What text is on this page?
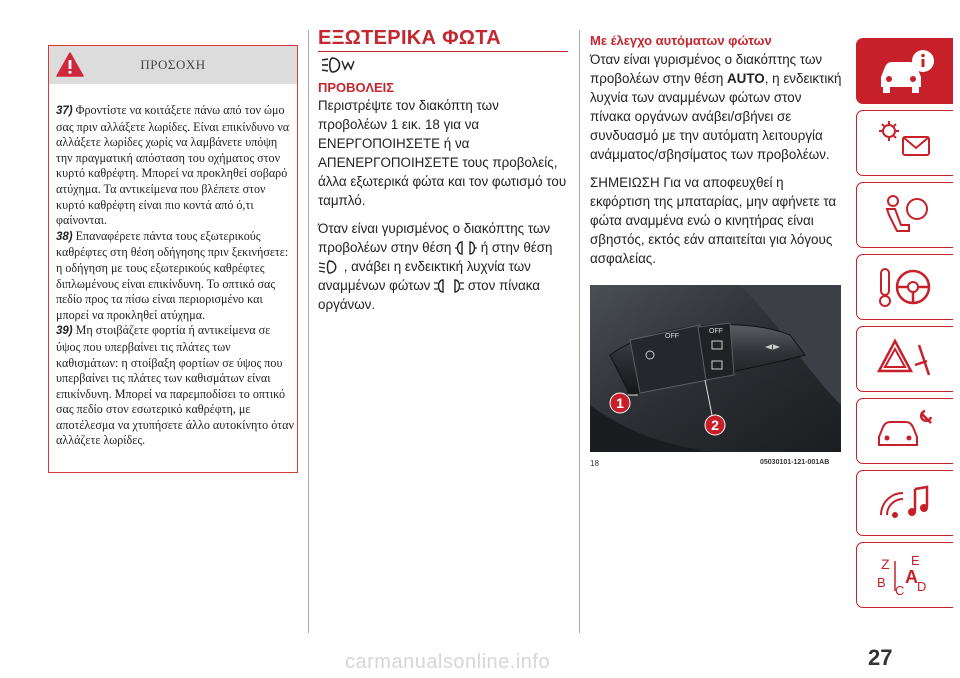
ΠΡΟΣΟΧΗ

37) Φροντίστε να κοιτάξετε πάνω από τον ώμο σας πριν αλλάξετε λωρίδες. Είναι επικίνδυνο να αλλάξετε λωρίδες χωρίς να λαμβάνετε υπόψη την πραγματική απόσταση του οχήματος στον κυρτό καθρέφτη. Μπορεί να προκληθεί σοβαρό ατύχημα. Τα αντικείμενα που βλέπετε στον κυρτό καθρέφτη είναι πιο κοντά από ό,τι φαίνονται.

38) Επαναφέρετε πάντα τους εξωτερικούς καθρέφτες στη θέση οδήγησης πριν ξεκινήσετε: η οδήγηση με τους εξωτερικούς καθρέφτες διπλωμένους είναι επικίνδυνη. Το οπτικό σας πεδίο προς τα πίσω είναι περιορισμένο και μπορεί να προκληθεί ατύχημα.

39) Μη στοιβάζετε φορτία ή αντικείμενα σε ύψος που υπερβαίνει τις πλάτες των καθισμάτων: η στοίβαξη φορτίων σε ύψος που υπερβαίνει τις πλάτες των καθισμάτων είναι επικίνδυνη. Μπορεί να παρεμποδίσει το οπτικό σας πεδίο στον εσωτερικό καθρέφτη, με αποτέλεσμα να χτυπήσετε άλλο αυτοκίνητο όταν αλλάζετε λωρίδες.

ΕΞΩΤΕΡΙΚΑ ΦΩΤΑ
ΠΡΟΒΟΛΕΙΣ
Περιστρέψτε τον διακόπτη των προβολέων 1 εικ. 18 για να ΕΝΕΡΓΟΠΟΙΗΣΕΤΕ ή να ΑΠΕΝΕΡΓΟΠΟΙΗΣΕΤΕ τους προβολείς, άλλα εξωτερικά φώτα και τον φωτισμό του ταμπλό.
Όταν είναι γυρισμένος ο διακόπτης των προβολέων στην θέση ή στην θέση  , ανάβει η ενδεικτική λυχνία των αναμμένων φώτων	στον πίνακα οργάνων.
Με έλεγχο αυτόματων φώτων
Όταν είναι γυρισμένος ο διακόπτης των προβολέων στην θέση AUTO, η ενδεικτική λυχνία των αναμμένων φώτων στον πίνακα οργάνων ανάβει/σβήνει σε συνδυασμό με την αυτόματη λειτουργία ανάμματος/σβησίματος των προβολέων.
ΣΗΜΕΙΩΣΗ Για να αποφευχθεί η εκφόρτιση της μπαταρίας, μην αφήνετε τα φώτα αναμμένα ενώ ο κινητήρας είναι σβηστός, εκτός εάν απαιτείται για λόγους ασφαλείας.
OFF
OFF
1
2
18	05030101-121-001AB
Z E
B
C D
A
27
carmanualsonline.info
